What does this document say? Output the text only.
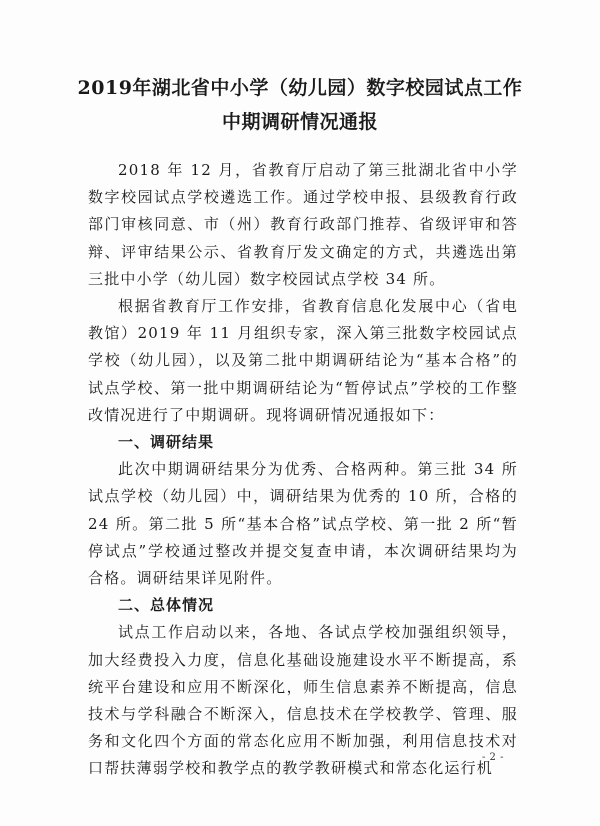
2019年湖北省中小学（幼儿园）数字校园试点工作
中期调研情况通报

2018 年 12 月，省教育厅启动了第三批湖北省中小学数字校园试点学校遴选工作。通过学校申报、县级教育行政部门审核同意、市（州）教育行政部门推荐、省级评审和答辩、评审结果公示、省教育厅发文确定的方式，共遴选出第三批中小学（幼儿园）数字校园试点学校 34 所。

根据省教育厅工作安排，省教育信息化发展中心（省电教馆）2019 年 11 月组织专家，深入第三批数字校园试点学校（幼儿园），以及第二批中期调研结论为“基本合格”的试点学校、第一批中期调研结论为“暂停试点”学校的工作整改情况进行了中期调研。现将调研情况通报如下：

一、调研结果

此次中期调研结果分为优秀、合格两种。第三批 34 所试点学校（幼儿园）中，调研结果为优秀的 10 所，合格的 24 所。第二批 5 所“基本合格”试点学校、第一批 2 所“暂停试点”学校通过整改并提交复查申请，本次调研结果均为合格。调研结果详见附件。

二、总体情况

试点工作启动以来，各地、各试点学校加强组织领导，加大经费投入力度，信息化基础设施建设水平不断提高，系统平台建设和应用不断深化，师生信息素养不断提高，信息技术与学科融合不断深入，信息技术在学校教学、管理、服务和文化四个方面的常态化应用不断加强，利用信息技术对口帮扶薄弱学校和教学点的教学教研模式和常态化运行机

- 2 -
